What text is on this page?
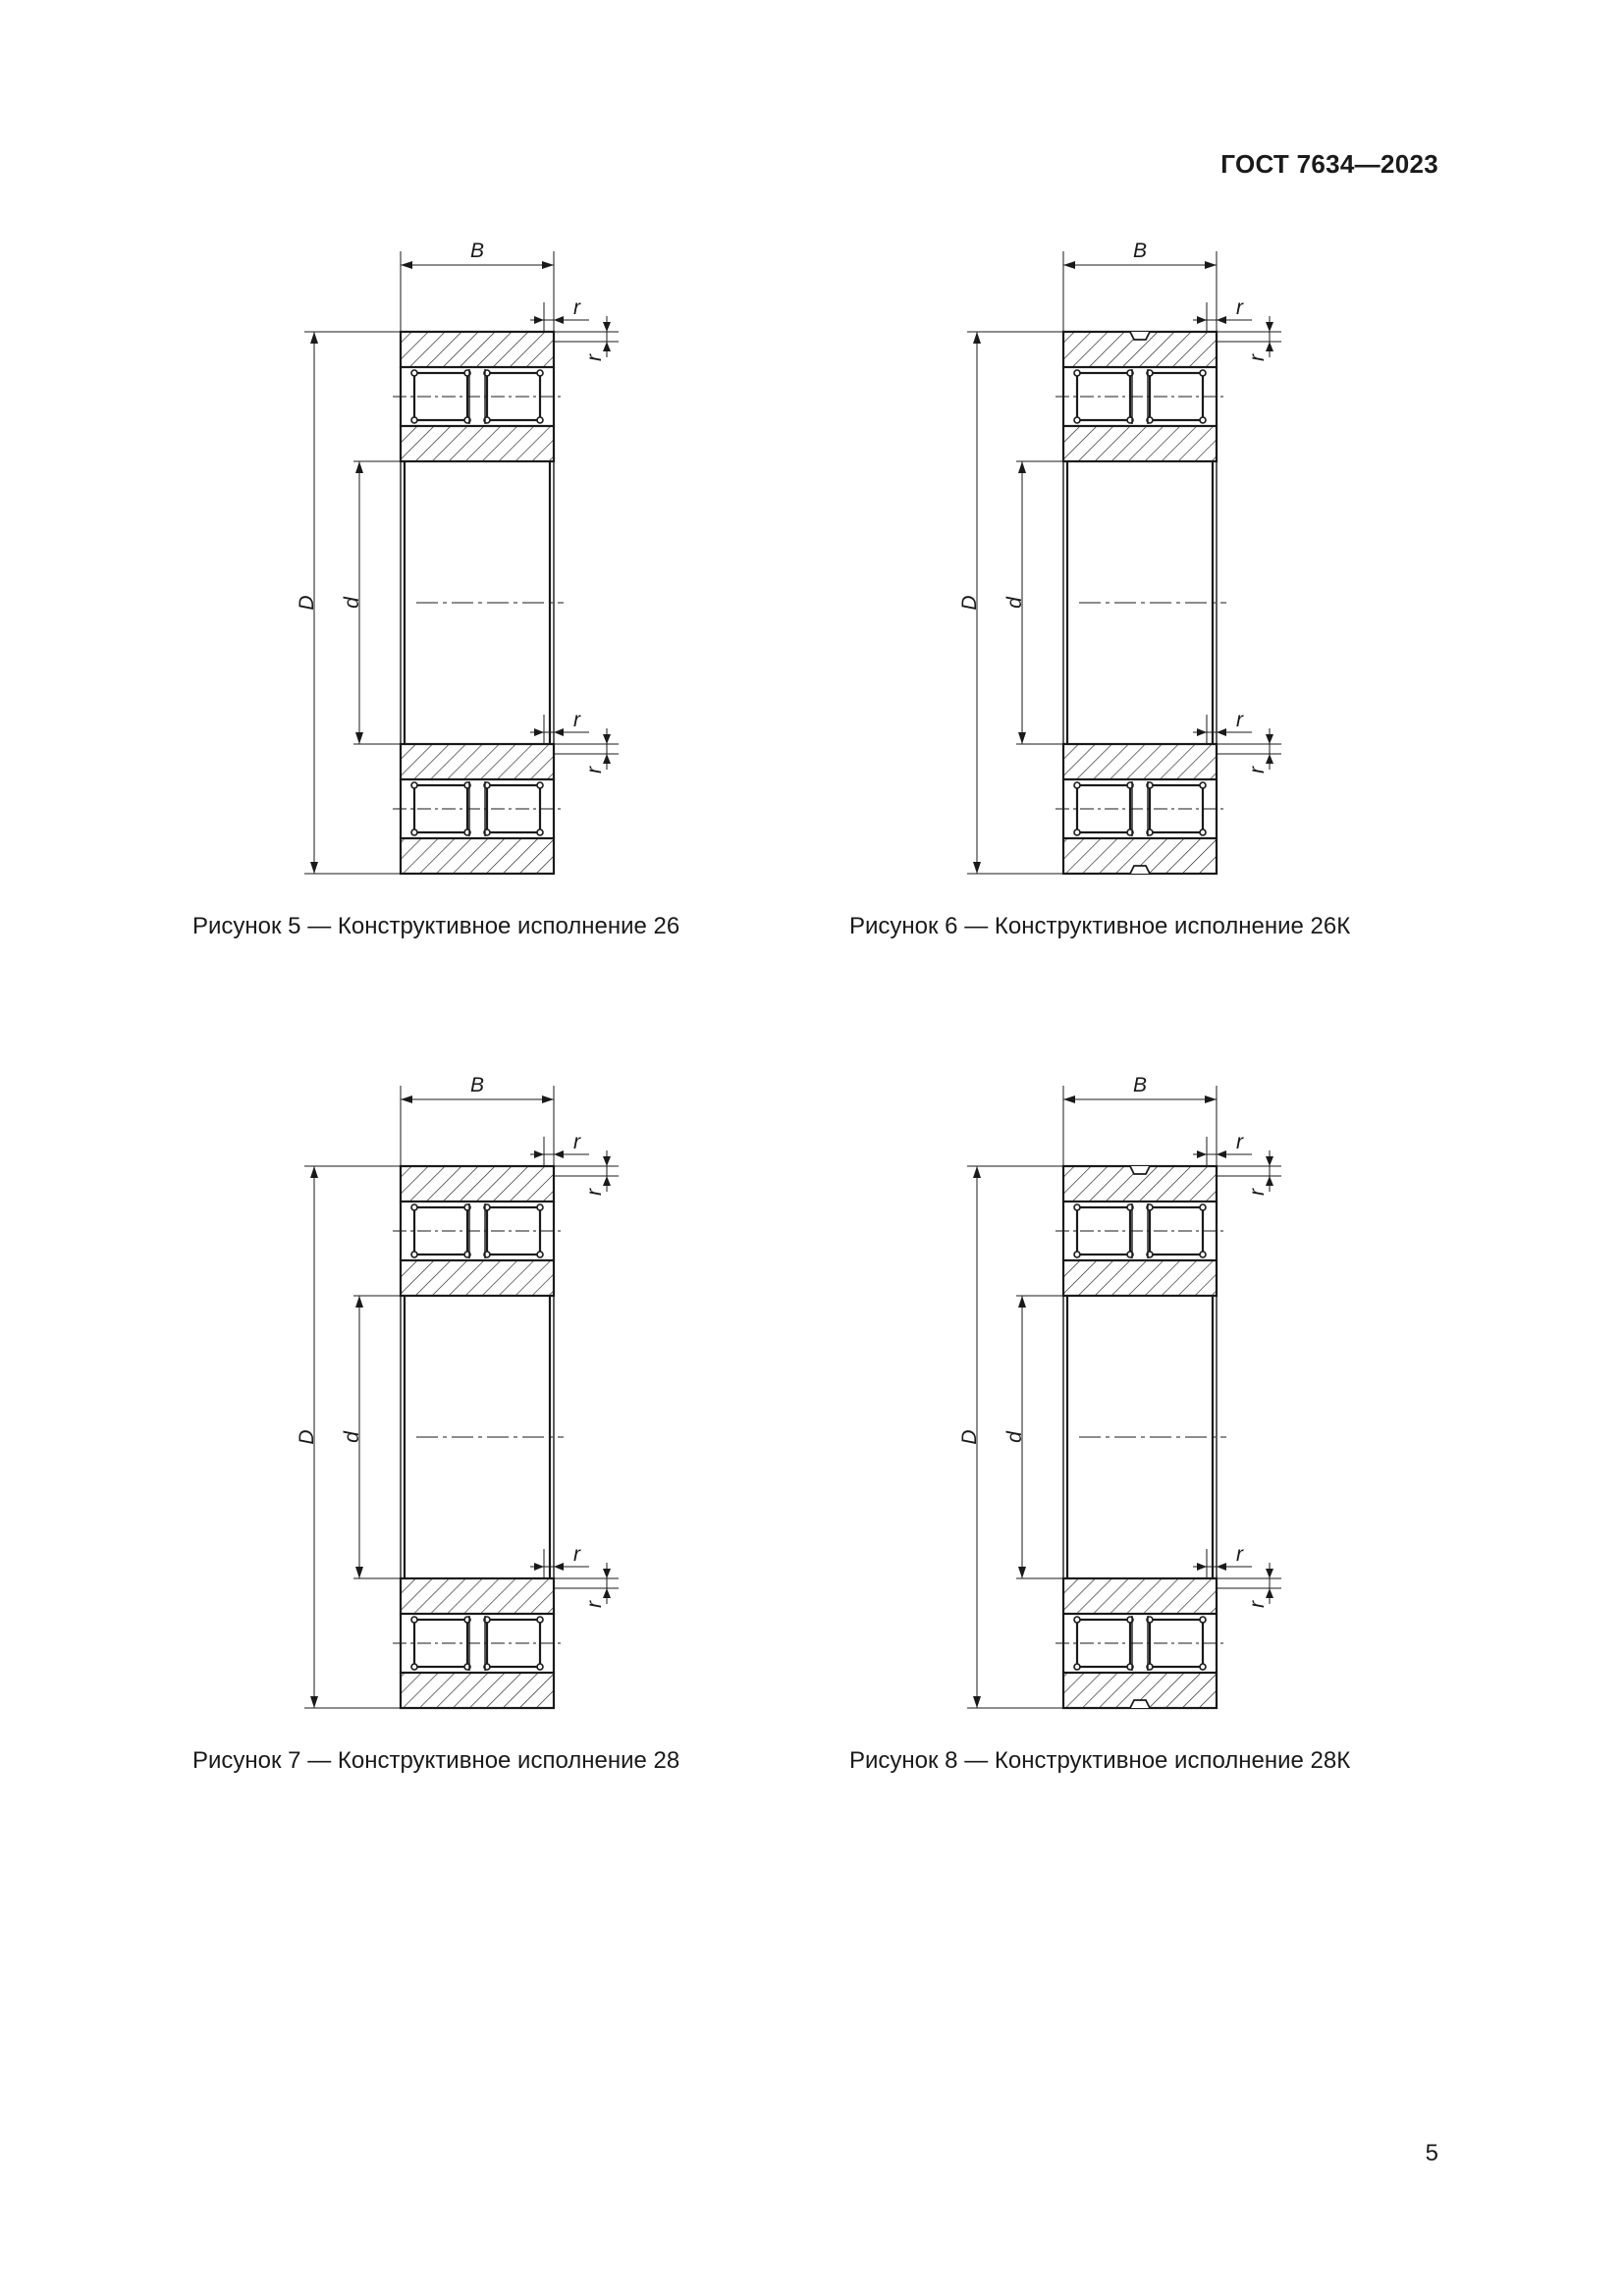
ГОСТ 7634—2023
B
D d
r
r
r
r
Рисунок 5 — Конструктивное исполнение 26
B
D d
r
r
r
r
Рисунок 6 — Конструктивное исполнение 26К
B
D d
r
r
r
r
Рисунок 7 — Конструктивное исполнение 28
B
D d
r
r
r
r
Рисунок 8 — Конструктивное исполнение 28К
5
